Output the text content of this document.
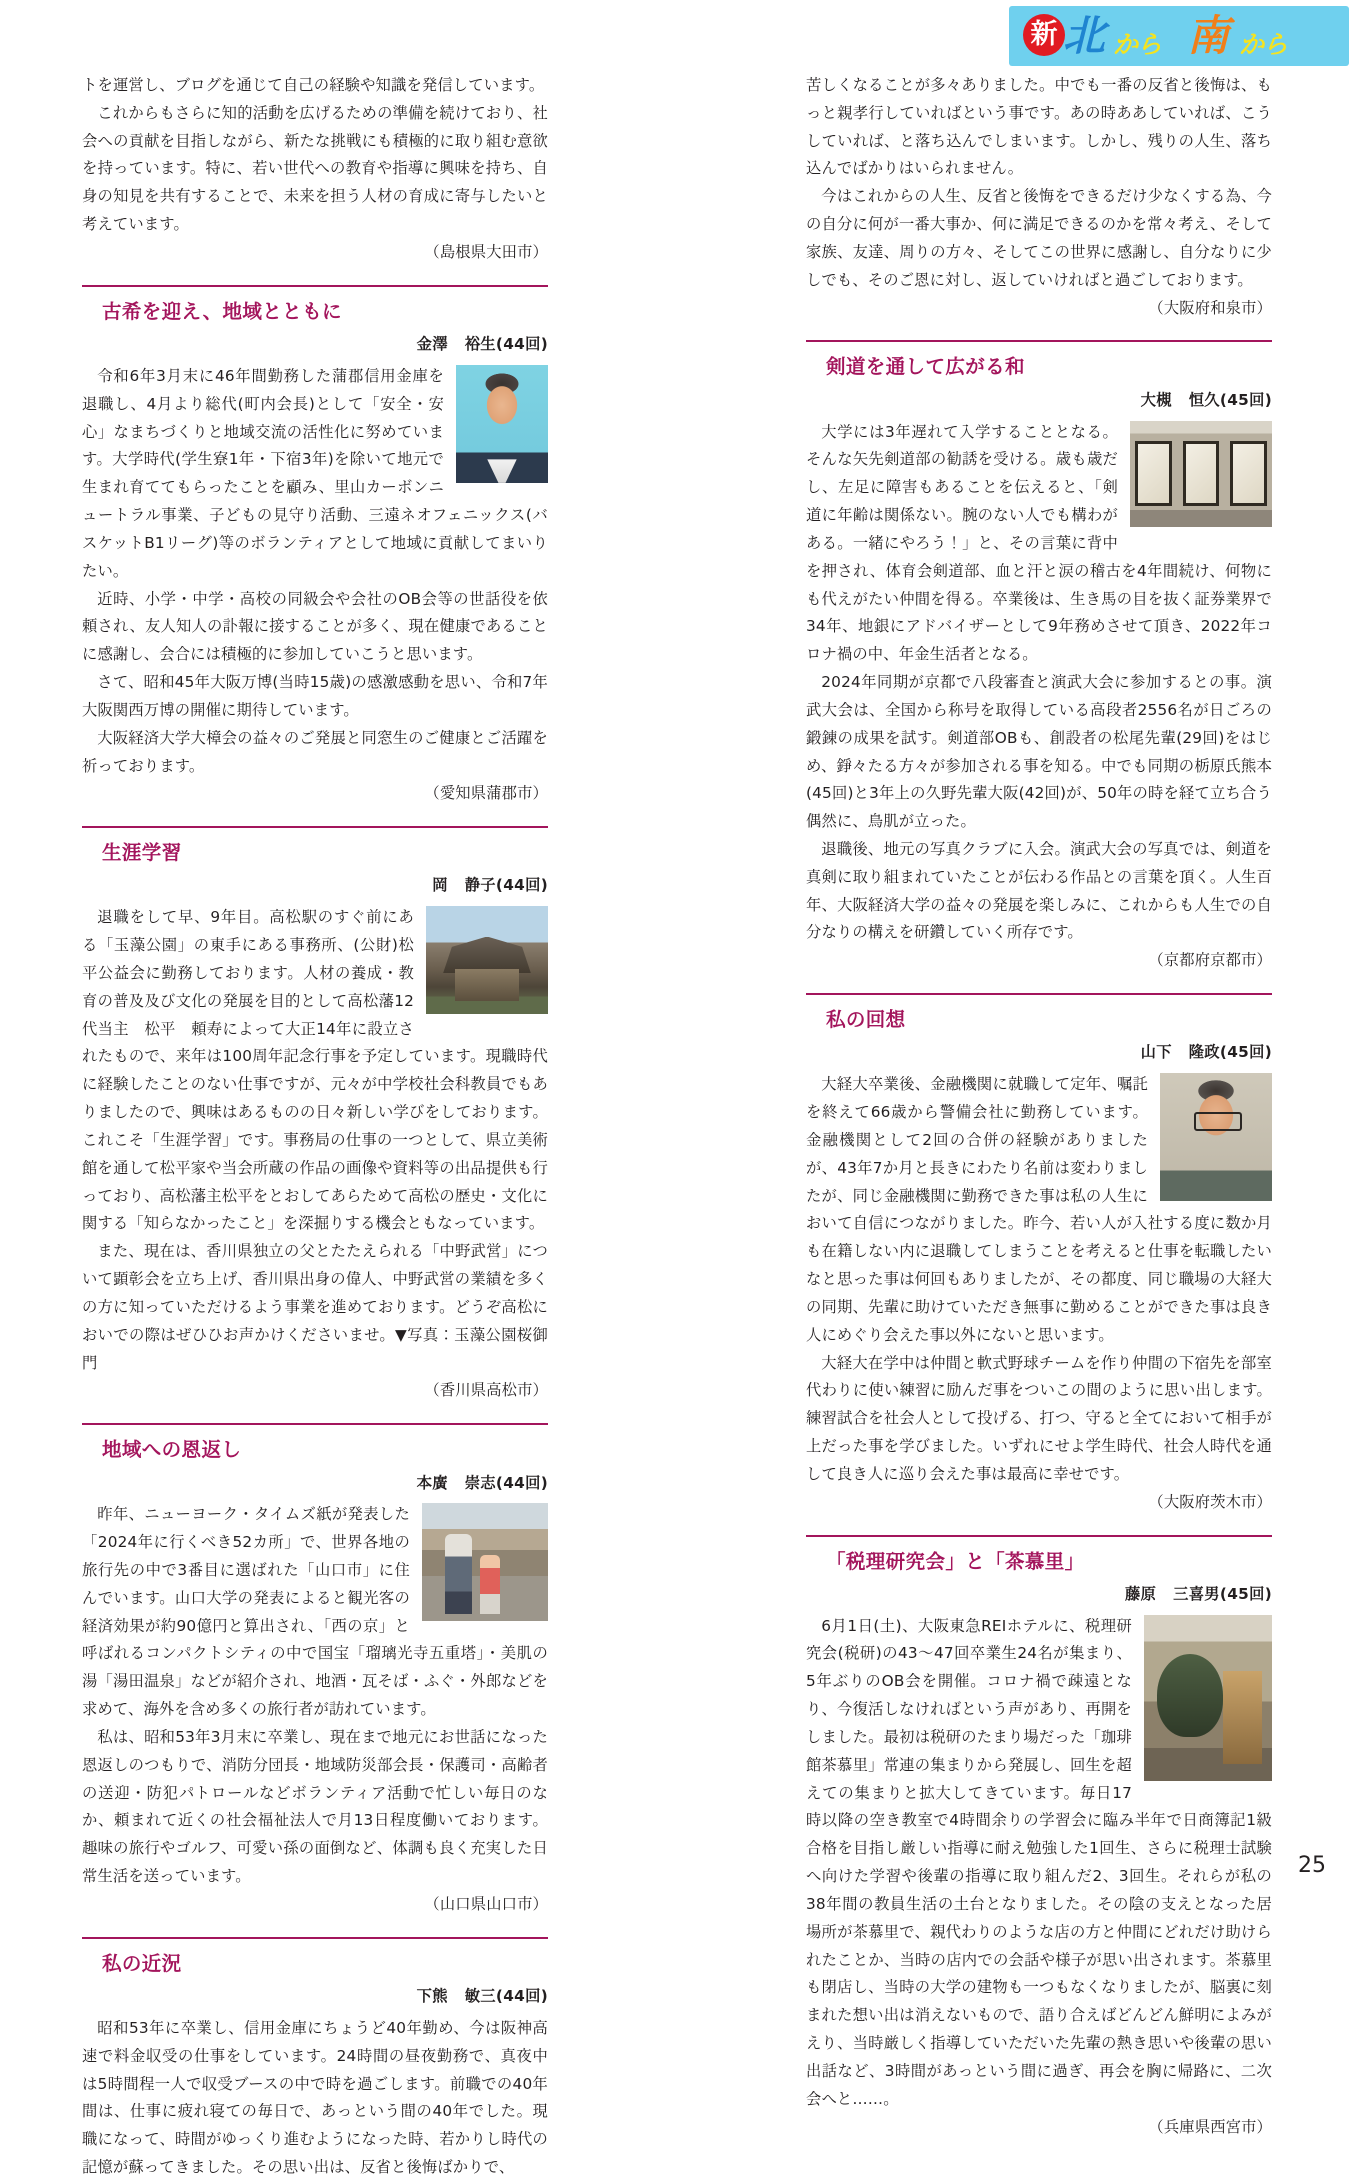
新 北 から 南 から

トを運営し、ブログを通じて自己の経験や知識を発信しています。

これからもさらに知的活動を広げるための準備を続けており、社会への貢献を目指しながら、新たな挑戦にも積極的に取り組む意欲を持っています。特に、若い世代への教育や指導に興味を持ち、自身の知見を共有することで、未来を担う人材の育成に寄与したいと考えています。

（島根県大田市）

古希を迎え、地域とともに
金澤 裕生(44回)

令和6年3月末に46年間勤務した蒲郡信用金庫を退職し、4月より総代(町内会長)として「安全・安心」なまちづくりと地域交流の活性化に努めています。大学時代(学生寮1年・下宿3年)を除いて地元で生まれ育ててもらったことを顧み、里山カーボンニュートラル事業、子どもの見守り活動、三遠ネオフェニックス(バスケットB1リーグ)等のボランティアとして地域に貢献してまいりたい。

近時、小学・中学・高校の同級会や会社のOB会等の世話役を依頼され、友人知人の訃報に接することが多く、現在健康であることに感謝し、会合には積極的に参加していこうと思います。

さて、昭和45年大阪万博(当時15歳)の感激感動を思い、令和7年大阪関西万博の開催に期待しています。

大阪経済大学大樟会の益々のご発展と同窓生のご健康とご活躍を祈っております。

（愛知県蒲郡市）

生涯学習
岡 静子(44回)

退職をして早、9年目。高松駅のすぐ前にある「玉藻公園」の東手にある事務所、(公財)松平公益会に勤務しております。人材の養成・教育の普及及び文化の発展を目的として高松藩12代当主　松平　頼寿によって大正14年に設立されたもので、来年は100周年記念行事を予定しています。現職時代に経験したことのない仕事ですが、元々が中学校社会科教員でもありましたので、興味はあるものの日々新しい学びをしております。これこそ「生涯学習」です。事務局の仕事の一つとして、県立美術館を通して松平家や当会所蔵の作品の画像や資料等の出品提供も行っており、高松藩主松平をとおしてあらためて高松の歴史・文化に関する「知らなかったこと」を深掘りする機会ともなっています。

また、現在は、香川県独立の父とたたえられる「中野武営」について顕彰会を立ち上げ、香川県出身の偉人、中野武営の業績を多くの方に知っていただけるよう事業を進めております。どうぞ高松においでの際はぜひひお声かけくださいませ。▼写真：玉藻公園桜御門

（香川県高松市）

地域への恩返し
本廣 崇志(44回)

昨年、ニューヨーク・タイムズ紙が発表した「2024年に行くべき52カ所」で、世界各地の旅行先の中で3番目に選ばれた「山口市」に住んでいます。山口大学の発表によると観光客の経済効果が約90億円と算出され、「西の京」と呼ばれるコンパクトシティの中で国宝「瑠璃光寺五重塔」・美肌の湯「湯田温泉」などが紹介され、地酒・瓦そば・ふぐ・外郎などを求めて、海外を含め多くの旅行者が訪れています。

私は、昭和53年3月末に卒業し、現在まで地元にお世話になった恩返しのつもりで、消防分団長・地域防災部会長・保護司・高齢者の送迎・防犯パトロールなどボランティア活動で忙しい毎日のなか、頼まれて近くの社会福祉法人で月13日程度働いております。趣味の旅行やゴルフ、可愛い孫の面倒など、体調も良く充実した日常生活を送っています。

（山口県山口市）

私の近況
下熊 敏三(44回)

昭和53年に卒業し、信用金庫にちょうど40年勤め、今は阪神高速で料金収受の仕事をしています。24時間の昼夜勤務で、真夜中は5時間程一人で収受ブースの中で時を過ごします。前職での40年間は、仕事に疲れ寝ての毎日で、あっという間の40年でした。現職になって、時間がゆっくり進むようになった時、若かりし時代の記憶が蘇ってきました。その思い出は、反省と後悔ばかりで、

苦しくなることが多々ありました。中でも一番の反省と後悔は、もっと親孝行していればという事です。あの時ああしていれば、こうしていれば、と落ち込んでしまいます。しかし、残りの人生、落ち込んでばかりはいられません。

今はこれからの人生、反省と後悔をできるだけ少なくする為、今の自分に何が一番大事か、何に満足できるのかを常々考え、そして家族、友達、周りの方々、そしてこの世界に感謝し、自分なりに少しでも、そのご恩に対し、返していければと過ごしております。

（大阪府和泉市）

剣道を通して広がる和
大槻 恒久(45回)

大学には3年遅れて入学することとなる。そんな矢先剣道部の勧誘を受ける。歳も歳だし、左足に障害もあることを伝えると、「剣道に年齢は関係ない。腕のない人でも構わがある。一緒にやろう！」と、その言葉に背中を押され、体育会剣道部、血と汗と涙の稽古を4年間続け、何物にも代えがたい仲間を得る。卒業後は、生き馬の目を抜く証券業界で34年、地銀にアドバイザーとして9年務めさせて頂き、2022年コロナ禍の中、年金生活者となる。

2024年同期が京都で八段審査と演武大会に参加するとの事。演武大会は、全国から称号を取得している高段者2556名が日ごろの鍛錬の成果を試す。剣道部OBも、創設者の松尾先輩(29回)をはじめ、錚々たる方々が参加される事を知る。中でも同期の栃原氏熊本(45回)と3年上の久野先輩大阪(42回)が、50年の時を経て立ち合う偶然に、鳥肌が立った。

退職後、地元の写真クラブに入会。演武大会の写真では、剣道を真剣に取り組まれていたことが伝わる作品との言葉を頂く。人生百年、大阪経済大学の益々の発展を楽しみに、これからも人生での自分なりの構えを研鑽していく所存です。

（京都府京都市）

私の回想
山下 隆政(45回)

大経大卒業後、金融機関に就職して定年、嘱託を終えて66歳から警備会社に勤務しています。金融機関として2回の合併の経験がありましたが、43年7か月と長きにわたり名前は変わりましたが、同じ金融機関に勤務できた事は私の人生において自信につながりました。昨今、若い人が入社する度に数か月も在籍しない内に退職してしまうことを考えると仕事を転職したいなと思った事は何回もありましたが、その都度、同じ職場の大経大の同期、先輩に助けていただき無事に勤めることができた事は良き人にめぐり会えた事以外にないと思います。

大経大在学中は仲間と軟式野球チームを作り仲間の下宿先を部室代わりに使い練習に励んだ事をついこの間のように思い出します。練習試合を社会人として投げる、打つ、守ると全てにおいて相手が上だった事を学びました。いずれにせよ学生時代、社会人時代を通して良き人に巡り会えた事は最高に幸せです。

（大阪府茨木市）

「税理研究会」と「茶慕里」
藤原 三喜男(45回)

6月1日(土)、大阪東急REIホテルに、税理研究会(税研)の43〜47回卒業生24名が集まり、5年ぶりのOB会を開催。コロナ禍で疎遠となり、今復活しなければという声があり、再開をしました。最初は税研のたまり場だった「珈琲館茶慕里」常連の集まりから発展し、回生を超えての集まりと拡大してきています。毎日17時以降の空き教室で4時間余りの学習会に臨み半年で日商簿記1級合格を目指し厳しい指導に耐え勉強した1回生、さらに税理士試験へ向けた学習や後輩の指導に取り組んだ2、3回生。それらが私の38年間の教員生活の土台となりました。その陰の支えとなった居場所が茶慕里で、親代わりのような店の方と仲間にどれだけ助けられたことか、当時の店内での会話や様子が思い出されます。茶慕里も閉店し、当時の大学の建物も一つもなくなりましたが、脳裏に刻まれた想い出は消えないもので、語り合えばどんどん鮮明によみがえり、当時厳しく指導していただいた先輩の熱き思いや後輩の思い出話など、3時間があっという間に過ぎ、再会を胸に帰路に、二次会へと……。

（兵庫県西宮市）

25
